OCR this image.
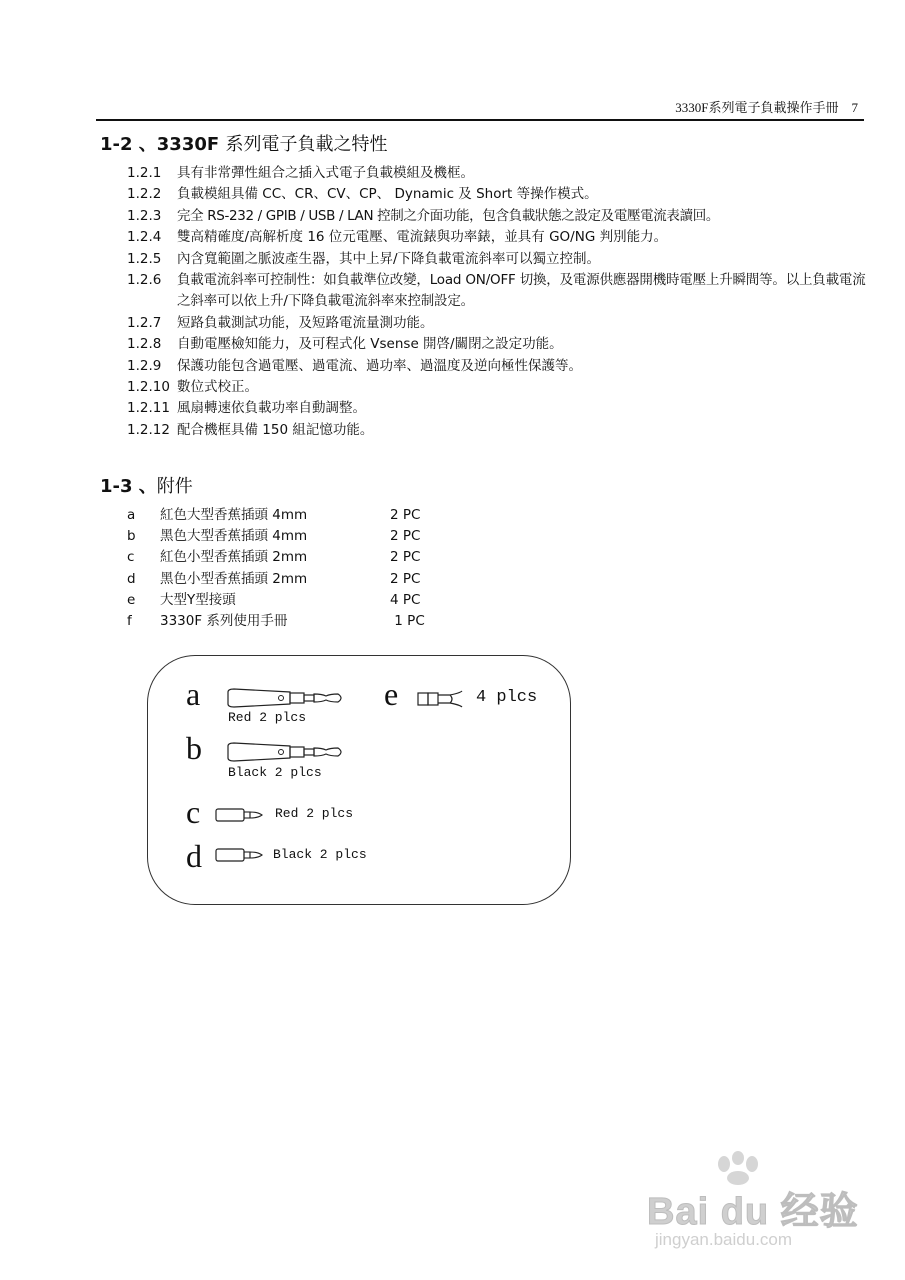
3330F系列電子負載操作手冊　7
1-2 、3330F 系列電子負載之特性
1.2.1	具有非常彈性組合之插入式電子負載模組及機框。
1.2.2	負載模組具備 CC、CR、CV、CP、 Dynamic 及 Short 等操作模式。
1.2.3	完全 RS-232 / GPIB / USB / LAN 控制之介面功能，包含負載狀態之設定及電壓電流表讀回。
1.2.4	雙高精確度/高解析度 16 位元電壓、電流錶與功率錶，並具有 GO/NG 判別能力。
1.2.5	內含寬範圍之脈波產生器，其中上昇/下降負載電流斜率可以獨立控制。
1.2.6	負載電流斜率可控制性：如負載準位改變，Load ON/OFF 切換，及電源供應器開機時電壓上升瞬間等。以上負載電流之斜率可以依上升/下降負載電流斜率來控制設定。
1.2.7	短路負載測試功能，及短路電流量測功能。
1.2.8	自動電壓檢知能力，及可程式化 Vsense 開啓/關閉之設定功能。
1.2.9	保護功能包含過電壓、過電流、過功率、過溫度及逆向極性保護等。
1.2.10 數位式校正。
1.2.11 風扇轉速依負載功率自動調整。
1.2.12 配合機框具備 150 組記憶功能。
1-3 、附件
a	紅色大型香蕉插頭 4mm	2 PC
b	黑色大型香蕉插頭 4mm	2 PC
c	紅色小型香蕉插頭 2mm	2 PC
d	黑色小型香蕉插頭 2mm	2 PC
e	大型Y型接頭	4 PC
f	3330F 系列使用手冊	1 PC
a
Red 2 plcs
e	4 plcs
b
Black 2 plcs
c	Red 2 plcs
d	Black 2 plcs
Bai du 经验
jingyan.baidu.com
